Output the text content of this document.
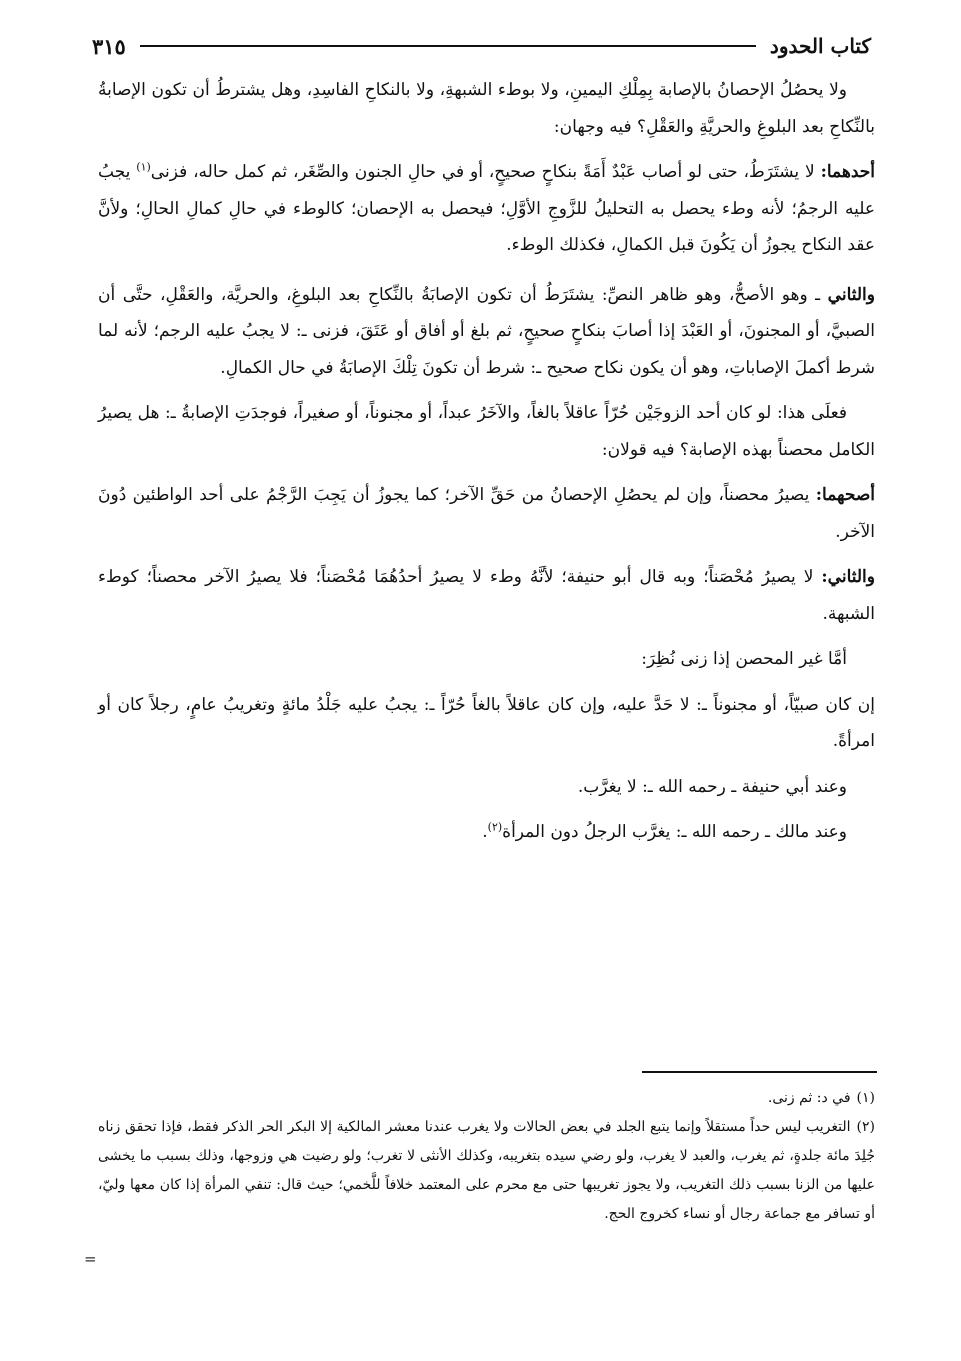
كتاب الحدود
٣١٥

ولا يحصُلُ الإحصانُ بالإصابة بِمِلْكِ اليمينِ، ولا بوطء الشبهةِ، ولا بالنكاحِ الفاسِدِ، وهل يشترطُ أن تكون الإصابةُ بالنِّكاحِ بعد البلوغِ والحريَّةِ والعَقْلِ؟ فيه وجهان:

أحدهما: لا يشتَرَطُ، حتى لو أصاب عَبْدٌ أَمَةً بنكاحٍ صحيحٍ، أو في حالِ الجنون والصِّغَر، ثم كمل حاله، فزنى$^{(١)}$ يجبُ عليه الرجمُ؛ لأنه وطء يحصل به التحليلُ للزَّوجِ الأوَّلِ؛ فيحصل به الإحصان؛ كالوطء في حالِ كمالِ الحالِ؛ ولأنَّ عقد النكاح يجوزُ أن يَكُونَ قبل الكمالِ، فكذلك الوطء.

والثاني ـ وهو الأصحُّ، وهو ظاهر النصِّ: يشتَرَطُ أن تكون الإصابَةُ بالنِّكاحِ بعد البلوغِ، والحريَّة، والعَقْلِ، حتَّى أن الصبيَّ، أو المجنونَ، أو العَبْدَ إذا أصابَ بنكاحٍ صحيحٍ، ثم بلغ أو أفاق أو عَتَقَ، فزنى ـ: لا يجبُ عليه الرجم؛ لأنه لما شرط أكملَ الإصاباتِ، وهو أن يكون نكاح صحيح ـ: شرط أن تكونَ تِلْكَ الإصابَةُ في حال الكمالِ.

فعلَى هذا: لو كان أحد الزوجَيْن حُرّاً عاقلاً بالغاً، والآخَرُ عبداً، أو مجنوناً، أو صغيراً، فوجدَتِ الإصابةُ ـ: هل يصيرُ الكامل محصناً بهذه الإصابة؟ فيه قولان:

أصحهما: يصيرُ محصناً، وإن لم يحصُلِ الإحصانُ من حَقِّ الآخر؛ كما يجوزُ أن يَجِبَ الرَّجْمُ على أحد الواطئين دُونَ الآخر.

والثاني: لا يصيرُ مُحْصَناً؛ وبه قال أبو حنيفة؛ لأنَّهُ وطء لا يصيرُ أحدُهُمَا مُحْصَناً؛ فلا يصيرُ الآخر محصناً؛ كوطء الشبهة.

أمَّا غير المحصن إذا زنى نُظِرَ:

إن كان صبيّاً، أو مجنوناً ـ: لا حَدَّ عليه، وإن كان عاقلاً بالغاً حُرّاً ـ: يجبُ عليه جَلْدُ مائةٍ وتغريبُ عامٍ، رجلاً كان أو امرأةً.

وعند أبي حنيفة ـ رحمه الله ـ: لا يغرَّب.

وعند مالك ـ رحمه الله ـ: يغرَّب الرجلُ دون المرأة$^{(٢)}$.

(١)في د: ثم زنى.

(٢)التغريب ليس حداً مستقلاً وإنما يتبع الجلد في بعض الحالات ولا يغرب عندنا معشر المالكية إلا البكر الحر الذكر فقط، فإذا تحقق زناه جُلِدَ مائة جلدةٍ، ثم يغرب، والعبد لا يغرب، ولو رضي سيده بتغريبه، وكذلك الأنثى لا تغرب؛ ولو رضيت هي وزوجها، وذلك بسبب ما يخشى عليها من الزنا بسبب ذلك التغريب، ولا يجوز تغريبها حتى مع محرم على المعتمد خلافاً للَّخمي؛ حيث قال: تنفي المرأة إذا كان معها وليّ، أو تسافر مع جماعة رجال أو نساء كخروج الحج.

=
